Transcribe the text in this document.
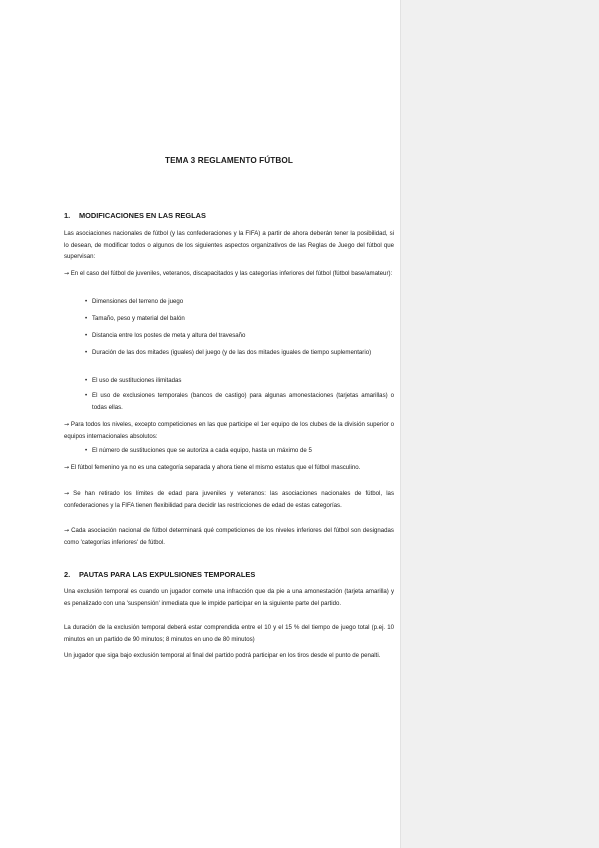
TEMA 3 REGLAMENTO FÚTBOL
1. MODIFICACIONES EN LAS REGLAS

Las asociaciones nacionales de fútbol (y las confederaciones y la FIFA) a partir de ahora deberán tener la posibilidad, si lo desean, de modificar todos o algunos de los siguientes aspectos organizativos de las Reglas de Juego del fútbol que supervisan:

→ En el caso del fútbol de juveniles, veteranos, discapacitados y las categorías inferiores del fútbol (fútbol base/amateur):

• Dimensiones del terreno de juego
• Tamaño, peso y material del balón
• Distancia entre los postes de meta y altura del travesaño
• Duración de las dos mitades (iguales) del juego (y de las dos mitades iguales de tiempo suplementario)
• El uso de sustituciones ilimitadas
• El uso de exclusiones temporales (bancos de castigo) para algunas amonestaciones (tarjetas amarillas) o todas ellas.

→ Para todos los niveles, excepto competiciones en las que participe el 1er equipo de los clubes de la división superior o equipos internacionales absolutos:

• El número de sustituciones que se autoriza a cada equipo, hasta un máximo de 5

→ El fútbol femenino ya no es una categoría separada y ahora tiene el mismo estatus que el fútbol masculino.

→ Se han retirado los límites de edad para juveniles y veteranos: las asociaciones nacionales de fútbol, las confederaciones y la FIFA tienen flexibilidad para decidir las restricciones de edad de estas categorías.

→ Cada asociación nacional de fútbol determinará qué competiciones de los niveles inferiores del fútbol son designadas como 'categorías inferiores' de fútbol.

2. PAUTAS PARA LAS EXPULSIONES TEMPORALES

Una exclusión temporal es cuando un jugador comete una infracción que da pie a una amonestación (tarjeta amarilla) y es penalizado con una 'suspensión' inmediata que le impide participar en la siguiente parte del partido.

La duración de la exclusión temporal deberá estar comprendida entre el 10 y el 15 % del tiempo de juego total (p.ej. 10 minutos en un partido de 90 minutos; 8 minutos en uno de 80 minutos)

Un jugador que siga bajo exclusión temporal al final del partido podrá participar en los tiros desde el punto de penalti.
